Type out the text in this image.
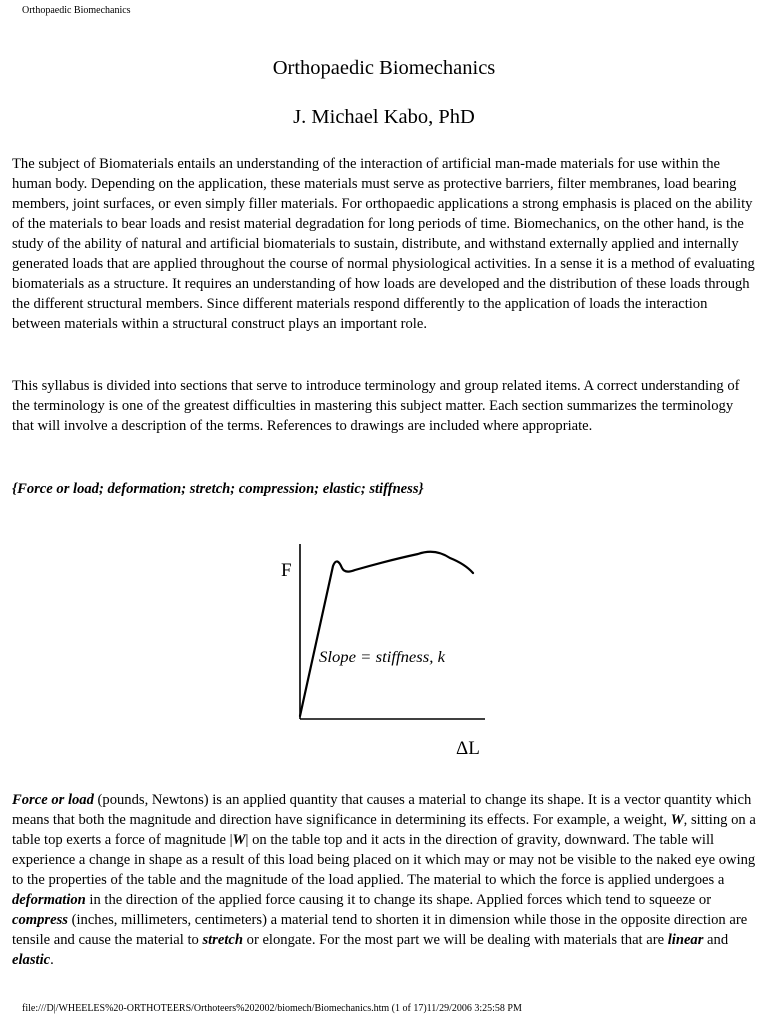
Orthopaedic Biomechanics
Orthopaedic Biomechanics
J. Michael Kabo, PhD

The subject of Biomaterials entails an understanding of the interaction of artificial man-made materials for use within the human body. Depending on the application, these materials must serve as protective barriers, filter membranes, load bearing members, joint surfaces, or even simply filler materials. For orthopaedic applications a strong emphasis is placed on the ability of the materials to bear loads and resist material degradation for long periods of time. Biomechanics, on the other hand, is the study of the ability of natural and artificial biomaterials to sustain, distribute, and withstand externally applied and internally generated loads that are applied throughout the course of normal physiological activities. In a sense it is a method of evaluating biomaterials as a structure. It requires an understanding of how loads are developed and the distribution of these loads through the different structural members. Since different materials respond differently to the application of loads the interaction between materials within a structural construct plays an important role.

This syllabus is divided into sections that serve to introduce terminology and group related items. A correct understanding of the terminology is one of the greatest difficulties in mastering this subject matter. Each section summarizes the terminology that will involve a description of the terms. References to drawings are included where appropriate.

{Force or load; deformation; stretch; compression; elastic; stiffness}

F
ΔL
Slope = stiffness, k

Force or load (pounds, Newtons) is an applied quantity that causes a material to change its shape. It is a vector quantity which means that both the magnitude and direction have significance in determining its effects. For example, a weight, W, sitting on a table top exerts a force of magnitude |W| on the table top and it acts in the direction of gravity, downward. The table will experience a change in shape as a result of this load being placed on it which may or may not be visible to the naked eye owing to the properties of the table and the magnitude of the load applied. The material to which the force is applied undergoes a deformation in the direction of the applied force causing it to change its shape. Applied forces which tend to squeeze or compress (inches, millimeters, centimeters) a material tend to shorten it in dimension while those in the opposite direction are tensile and cause the material to stretch or elongate. For the most part we will be dealing with materials that are linear and elastic.

file:///D|/WHEELES%20-ORTHOTEERS/Orthoteers%202002/biomech/Biomechanics.htm (1 of 17)11/29/2006 3:25:58 PM
